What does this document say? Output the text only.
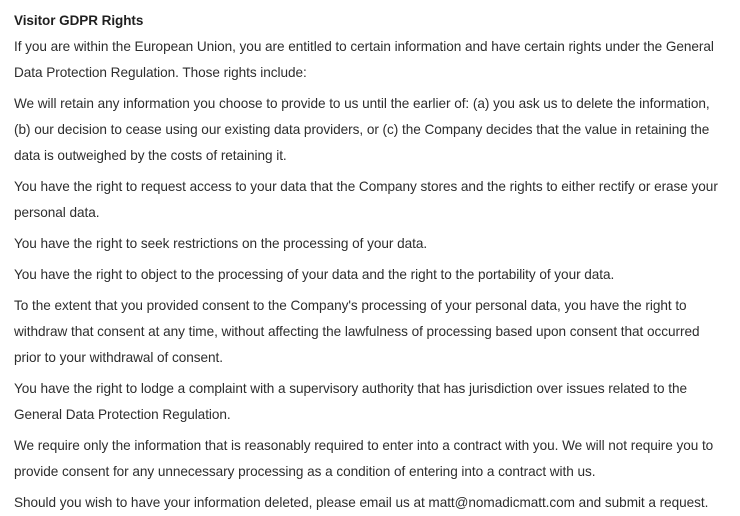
Visitor GDPR Rights

If you are within the European Union, you are entitled to certain information and have certain rights under the General Data Protection Regulation. Those rights include:

We will retain any information you choose to provide to us until the earlier of: (a) you ask us to delete the information, (b) our decision to cease using our existing data providers, or (c) the Company decides that the value in retaining the data is outweighed by the costs of retaining it.

You have the right to request access to your data that the Company stores and the rights to either rectify or erase your personal data.

You have the right to seek restrictions on the processing of your data.

You have the right to object to the processing of your data and the right to the portability of your data.

To the extent that you provided consent to the Company's processing of your personal data, you have the right to withdraw that consent at any time, without affecting the lawfulness of processing based upon consent that occurred prior to your withdrawal of consent.

You have the right to lodge a complaint with a supervisory authority that has jurisdiction over issues related to the General Data Protection Regulation.

We require only the information that is reasonably required to enter into a contract with you. We will not require you to provide consent for any unnecessary processing as a condition of entering into a contract with us.

Should you wish to have your information deleted, please email us at matt@nomadicmatt.com and submit a request.
